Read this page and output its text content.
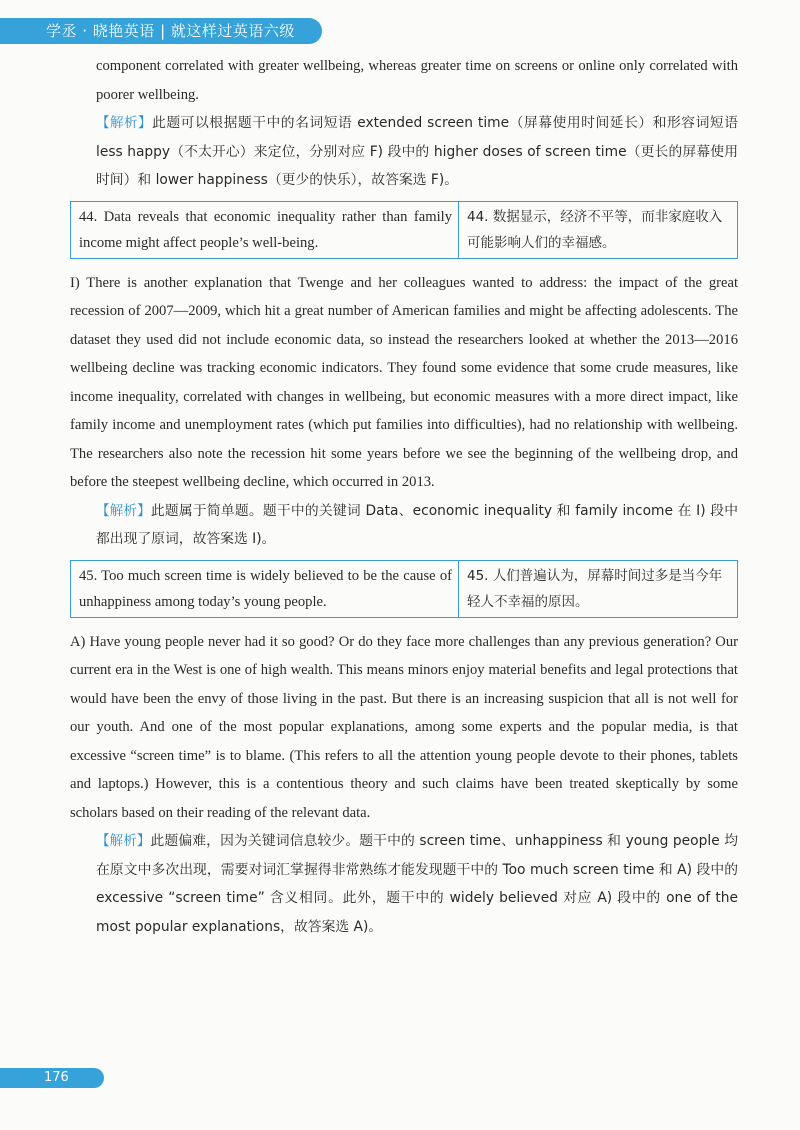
学丞 · 晓艳英语 | 就这样过英语六级

component correlated with greater wellbeing, whereas greater time on screens or online only correlated with poorer wellbeing.

【解析】此题可以根据题干中的名词短语 extended screen time（屏幕使用时间延长）和形容词短语 less happy（不太开心）来定位，分别对应 F) 段中的 higher doses of screen time（更长的屏幕使用时间）和 lower happiness（更少的快乐），故答案选 F)。

44. Data reveals that economic inequality rather than family income might affect people’s well-being.
44. 数据显示，经济不平等，而非家庭收入可能影响人们的幸福感。

I) There is another explanation that Twenge and her colleagues wanted to address: the impact of the great recession of 2007—2009, which hit a great number of American families and might be affecting adolescents. The dataset they used did not include economic data, so instead the researchers looked at whether the 2013—2016 wellbeing decline was tracking economic indicators. They found some evidence that some crude measures, like income inequality, correlated with changes in wellbeing, but economic measures with a more direct impact, like family income and unemployment rates (which put families into difficulties), had no relationship with wellbeing. The researchers also note the recession hit some years before we see the beginning of the wellbeing drop, and before the steepest wellbeing decline, which occurred in 2013.

【解析】此题属于简单题。题干中的关键词 Data、economic inequality 和 family income 在 I) 段中都出现了原词，故答案选 I)。

45. Too much screen time is widely believed to be the cause of unhappiness among today’s young people.
45. 人们普遍认为，屏幕时间过多是当今年轻人不幸福的原因。

A) Have young people never had it so good? Or do they face more challenges than any previous generation? Our current era in the West is one of high wealth. This means minors enjoy material benefits and legal protections that would have been the envy of those living in the past. But there is an increasing suspicion that all is not well for our youth. And one of the most popular explanations, among some experts and the popular media, is that excessive “screen time” is to blame. (This refers to all the attention young people devote to their phones, tablets and laptops.) However, this is a contentious theory and such claims have been treated skeptically by some scholars based on their reading of the relevant data.

【解析】此题偏难，因为关键词信息较少。题干中的 screen time、unhappiness 和 young people 均在原文中多次出现，需要对词汇掌握得非常熟练才能发现题干中的 Too much screen time 和 A) 段中的 excessive “screen time” 含义相同。此外，题干中的 widely believed 对应 A) 段中的 one of the most popular explanations，故答案选 A)。

176
